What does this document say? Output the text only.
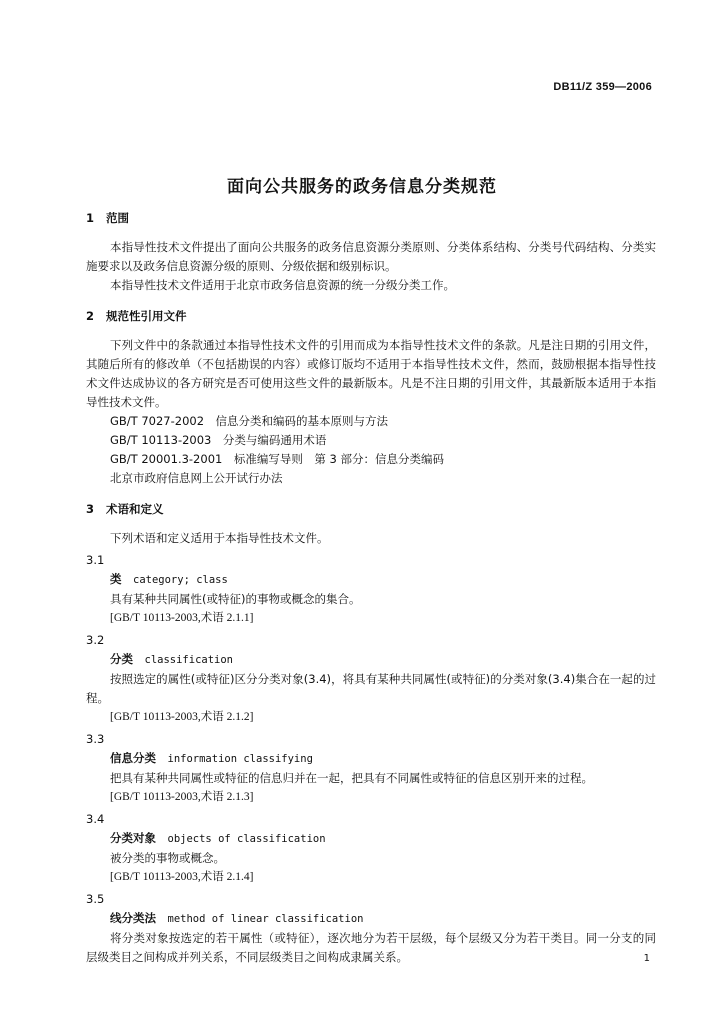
DB11/Z 359—2006
面向公共服务的政务信息分类规范
1 范围

本指导性技术文件提出了面向公共服务的政务信息资源分类原则、分类体系结构、分类号代码结构、分类实施要求以及政务信息资源分级的原则、分级依据和级别标识。

本指导性技术文件适用于北京市政务信息资源的统一分级分类工作。

2 规范性引用文件

下列文件中的条款通过本指导性技术文件的引用而成为本指导性技术文件的条款。凡是注日期的引用文件，其随后所有的修改单（不包括勘误的内容）或修订版均不适用于本指导性技术文件，然而，鼓励根据本指导性技术文件达成协议的各方研究是否可使用这些文件的最新版本。凡是不注日期的引用文件，其最新版本适用于本指导性技术文件。

GB/T 7027-2002　信息分类和编码的基本原则与方法
GB/T 10113-2003　分类与编码通用术语
GB/T 20001.3-2001　标准编写导则　第 3 部分：信息分类编码
北京市政府信息网上公开试行办法
3 术语和定义

下列术语和定义适用于本指导性技术文件。

3.1
类　 category; class

具有某种共同属性(或特征)的事物或概念的集合。

[GB/T 10113-2003,术语 2.1.1]
3.2
分类　 classification

按照选定的属性(或特征)区分分类对象(3.4)，将具有某种共同属性(或特征)的分类对象(3.4)集合在一起的过程。

[GB/T 10113-2003,术语 2.1.2]
3.3
信息分类　 information classifying

把具有某种共同属性或特征的信息归并在一起，把具有不同属性或特征的信息区别开来的过程。

[GB/T 10113-2003,术语 2.1.3]
3.4
分类对象　 objects of classification

被分类的事物或概念。

[GB/T 10113-2003,术语 2.1.4]
3.5
线分类法　 method of linear classification

将分类对象按选定的若干属性（或特征），逐次地分为若干层级，每个层级又分为若干类目。同一分支的同层级类目之间构成并列关系，不同层级类目之间构成隶属关系。	1
